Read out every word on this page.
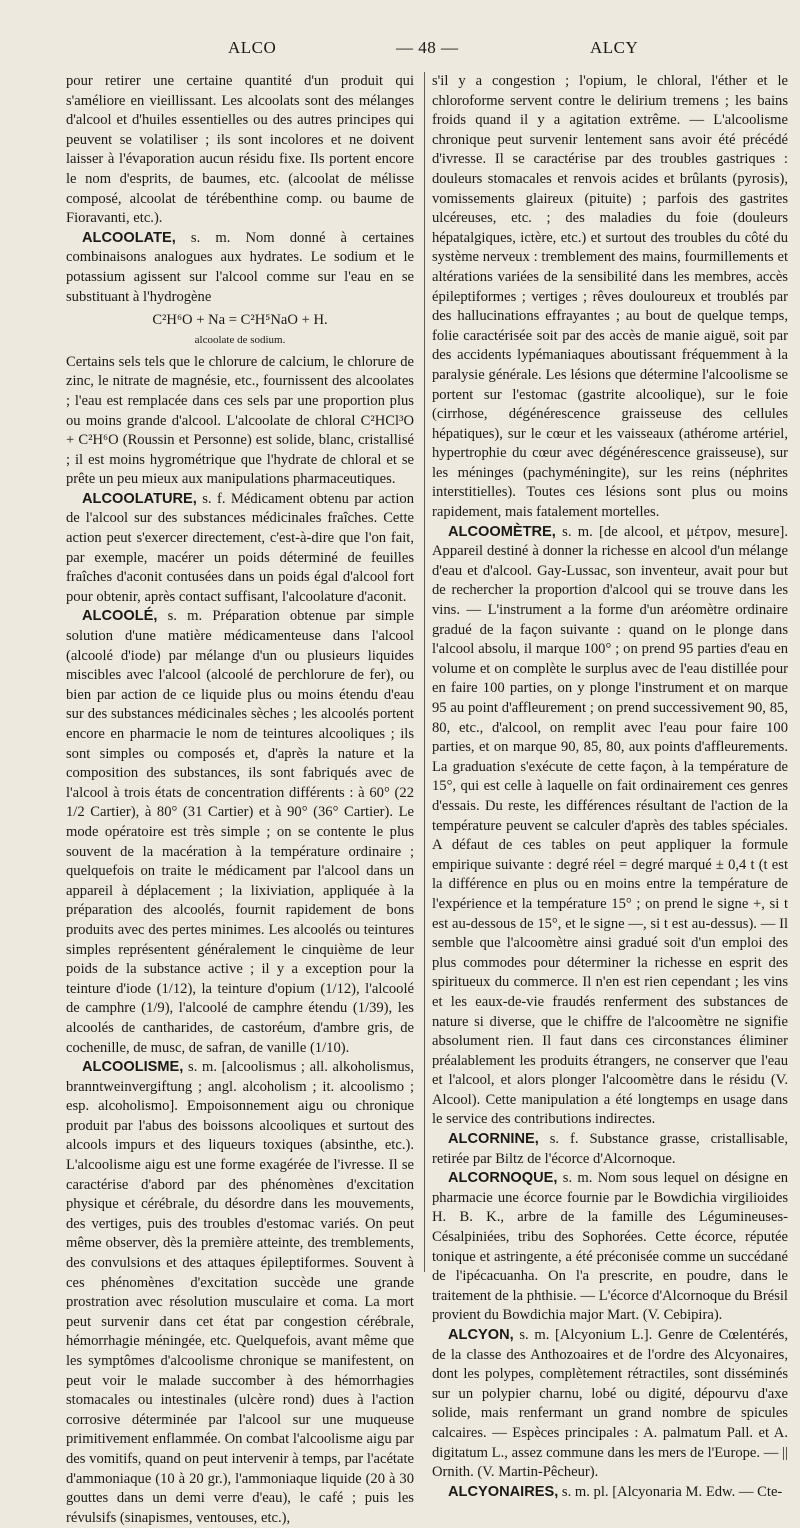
ALCO	— 48 —	ALCY

pour retirer une certaine quantité d'un produit qui s'améliore en vieillissant. Les alcoolats sont des mélanges d'alcool et d'huiles essentielles ou des autres principes qui peuvent se volatiliser ; ils sont incolores et ne doivent laisser à l'évaporation aucun résidu fixe. Ils portent encore le nom d'esprits, de baumes, etc. (alcoolat de mélisse composé, alcoolat de térébenthine comp. ou baume de Fioravanti, etc.).

ALCOOLATE, s. m. Nom donné à certaines combinaisons analogues aux hydrates. Le sodium et le potassium agissent sur l'alcool comme sur l'eau en se substituant à l'hydrogène

C²H⁶O + Na = C²H⁵NaO + H.
alcoolate de sodium.

Certains sels tels que le chlorure de calcium, le chlorure de zinc, le nitrate de magnésie, etc., fournissent des alcoolates ; l'eau est remplacée dans ces sels par une proportion plus ou moins grande d'alcool. L'alcoolate de chloral C²HCl³O + C²H⁶O (Roussin et Personne) est solide, blanc, cristallisé ; il est moins hygrométrique que l'hydrate de chloral et se prête un peu mieux aux manipulations pharmaceutiques.

ALCOOLATURE, s. f. Médicament obtenu par action de l'alcool sur des substances médicinales fraîches. Cette action peut s'exercer directement, c'est-à-dire que l'on fait, par exemple, macérer un poids déterminé de feuilles fraîches d'aconit contusées dans un poids égal d'alcool fort pour obtenir, après contact suffisant, l'alcoolature d'aconit.

ALCOOLÉ, s. m. Préparation obtenue par simple solution d'une matière médicamenteuse dans l'alcool (alcoolé d'iode) par mélange d'un ou plusieurs liquides miscibles avec l'alcool (alcoolé de perchlorure de fer), ou bien par action de ce liquide plus ou moins étendu d'eau sur des substances médicinales sèches ; les alcoolés portent encore en pharmacie le nom de teintures alcooliques ; ils sont simples ou composés et, d'après la nature et la composition des substances, ils sont fabriqués avec de l'alcool à trois états de concentration différents : à 60° (22 1/2 Cartier), à 80° (31 Cartier) et à 90° (36° Cartier). Le mode opératoire est très simple ; on se contente le plus souvent de la macération à la température ordinaire ; quelquefois on traite le médicament par l'alcool dans un appareil à déplacement ; la lixiviation, appliquée à la préparation des alcoolés, fournit rapidement de bons produits avec des pertes minimes. Les alcoolés ou teintures simples représentent généralement le cinquième de leur poids de la substance active ; il y a exception pour la teinture d'iode (1/12), la teinture d'opium (1/12), l'alcoolé de camphre (1/9), l'alcoolé de camphre étendu (1/39), les alcoolés de cantharides, de castoréum, d'ambre gris, de cochenille, de musc, de safran, de vanille (1/10).

ALCOOLISME, s. m. [alcoolismus ; all. alkoholismus, branntweinvergiftung ; angl. alcoholism ; it. alcoolismo ; esp. alcoholismo]. Empoisonnement aigu ou chronique produit par l'abus des boissons alcooliques et surtout des alcools impurs et des liqueurs toxiques (absinthe, etc.). L'alcoolisme aigu est une forme exagérée de l'ivresse. Il se caractérise d'abord par des phénomènes d'excitation physique et cérébrale, du désordre dans les mouvements, des vertiges, puis des troubles d'estomac variés. On peut même observer, dès la première atteinte, des tremblements, des convulsions et des attaques épileptiformes. Souvent à ces phénomènes d'excitation succède une grande prostration avec résolution musculaire et coma. La mort peut survenir dans cet état par congestion cérébrale, hémorrhagie méningée, etc. Quelquefois, avant même que les symptômes d'alcoolisme chronique se manifestent, on peut voir le malade succomber à des hémorrhagies stomacales ou intestinales (ulcère rond) dues à l'action corrosive déterminée par l'alcool sur une muqueuse primitivement enflammée. On combat l'alcoolisme aigu par des vomitifs, quand on peut intervenir à temps, par l'acétate d'ammoniaque (10 à 20 gr.), l'ammoniaque liquide (20 à 30 gouttes dans un demi verre d'eau), le café ; puis les révulsifs (sinapismes, ventouses, etc.),

s'il y a congestion ; l'opium, le chloral, l'éther et le chloroforme servent contre le delirium tremens ; les bains froids quand il y a agitation extrême. — L'alcoolisme chronique peut survenir lentement sans avoir été précédé d'ivresse. Il se caractérise par des troubles gastriques : douleurs stomacales et renvois acides et brûlants (pyrosis), vomissements glaireux (pituite) ; parfois des gastrites ulcéreuses, etc. ; des maladies du foie (douleurs hépatalgiques, ictère, etc.) et surtout des troubles du côté du système nerveux : tremblement des mains, fourmillements et altérations variées de la sensibilité dans les membres, accès épileptiformes ; vertiges ; rêves douloureux et troublés par des hallucinations effrayantes ; au bout de quelque temps, folie caractérisée soit par des accès de manie aiguë, soit par des accidents lypémaniaques aboutissant fréquemment à la paralysie générale. Les lésions que détermine l'alcoolisme se portent sur l'estomac (gastrite alcoolique), sur le foie (cirrhose, dégénérescence graisseuse des cellules hépatiques), sur le cœur et les vaisseaux (athérome artériel, hypertrophie du cœur avec dégénérescence graisseuse), sur les méninges (pachyméningite), sur les reins (néphrites interstitielles). Toutes ces lésions sont plus ou moins rapidement, mais fatalement mortelles.

ALCOOMÈTRE, s. m. [de alcool, et μέτρον, mesure]. Appareil destiné à donner la richesse en alcool d'un mélange d'eau et d'alcool. Gay-Lussac, son inventeur, avait pour but de rechercher la proportion d'alcool qui se trouve dans les vins. — L'instrument a la forme d'un aréomètre ordinaire gradué de la façon suivante : quand on le plonge dans l'alcool absolu, il marque 100° ; on prend 95 parties d'eau en volume et on complète le surplus avec de l'eau distillée pour en faire 100 parties, on y plonge l'instrument et on marque 95 au point d'affleurement ; on prend successivement 90, 85, 80, etc., d'alcool, on remplit avec l'eau pour faire 100 parties, et on marque 90, 85, 80, aux points d'affleurements. La graduation s'exécute de cette façon, à la température de 15°, qui est celle à laquelle on fait ordinairement ces genres d'essais. Du reste, les différences résultant de l'action de la température peuvent se calculer d'après des tables spéciales. A défaut de ces tables on peut appliquer la formule empirique suivante : degré réel = degré marqué ± 0,4 t (t est la différence en plus ou en moins entre la température de l'expérience et la température 15° ; on prend le signe +, si t est au-dessous de 15°, et le signe —, si t est au-dessus). — Il semble que l'alcoomètre ainsi gradué soit d'un emploi des plus commodes pour déterminer la richesse en esprit des spiritueux du commerce. Il n'en est rien cependant ; les vins et les eaux-de-vie fraudés renferment des substances de nature si diverse, que le chiffre de l'alcoomètre ne signifie absolument rien. Il faut dans ces circonstances éliminer préalablement les produits étrangers, ne conserver que l'eau et l'alcool, et alors plonger l'alcoomètre dans le résidu (V. Alcool). Cette manipulation a été longtemps en usage dans le service des contributions indirectes.

ALCORNINE, s. f. Substance grasse, cristallisable, retirée par Biltz de l'écorce d'Alcornoque.

ALCORNOQUE, s. m. Nom sous lequel on désigne en pharmacie une écorce fournie par le Bowdichia virgilioides H. B. K., arbre de la famille des Légumineuses-Césalpiniées, tribu des Sophorées. Cette écorce, réputée tonique et astringente, a été préconisée comme un succédané de l'ipécacuanha. On l'a prescrite, en poudre, dans le traitement de la phthisie. — L'écorce d'Alcornoque du Brésil provient du Bowdichia major Mart. (V. Cebipira).

ALCYON, s. m. [Alcyonium L.]. Genre de Cœlentérés, de la classe des Anthozoaires et de l'ordre des Alcyonaires, dont les polypes, complètement rétractiles, sont disséminés sur un polypier charnu, lobé ou digité, dépourvu d'axe solide, mais renfermant un grand nombre de spicules calcaires. — Espèces principales : A. palmatum Pall. et A. digitatum L., assez commune dans les mers de l'Europe. — || Ornith. (V. Martin-Pêcheur).

ALCYONAIRES, s. m. pl. [Alcyonaria M. Edw. — Cte-
